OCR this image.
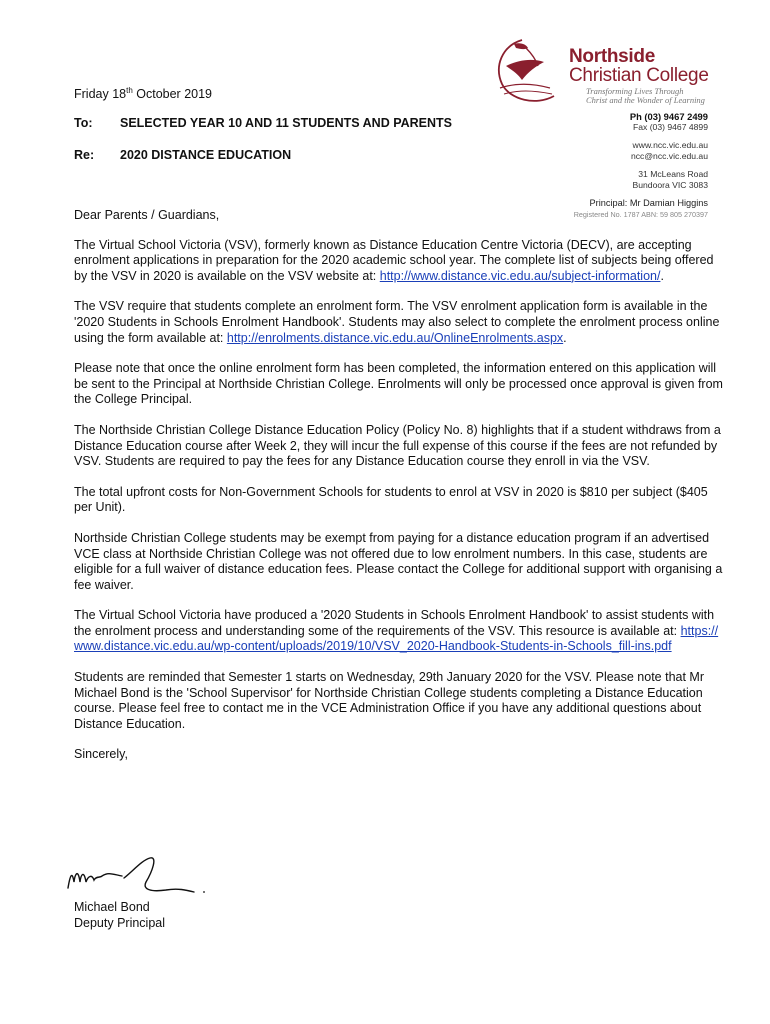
Northside
Christian College
Transforming Lives Through
Christ and the Wonder of Learning
Ph (03) 9467 2499
Fax (03) 9467 4899
www.ncc.vic.edu.au
ncc@ncc.vic.edu.au
31 McLeans Road
Bundoora VIC 3083
Principal: Mr Damian Higgins
Registered No. 1787 ABN: 59 805 270397
Friday 18th October 2019
To: SELECTED YEAR 10 AND 11 STUDENTS AND PARENTS
Re: 2020 DISTANCE EDUCATION

Dear Parents / Guardians,

The Virtual School Victoria (VSV), formerly known as Distance Education Centre Victoria (DECV), are accepting enrolment applications in preparation for the 2020 academic school year. The complete list of subjects being offered by the VSV in 2020 is available on the VSV website at: http://www.distance.vic.edu.au/subject-information/.

The VSV require that students complete an enrolment form. The VSV enrolment application form is available in the '2020 Students in Schools Enrolment Handbook'. Students may also select to complete the enrolment process online using the form available at: http://enrolments.distance.vic.edu.au/OnlineEnrolments.aspx.

Please note that once the online enrolment form has been completed, the information entered on this application will be sent to the Principal at Northside Christian College. Enrolments will only be processed once approval is given from the College Principal.

The Northside Christian College Distance Education Policy (Policy No. 8) highlights that if a student withdraws from a Distance Education course after Week 2, they will incur the full expense of this course if the fees are not refunded by VSV. Students are required to pay the fees for any Distance Education course they enroll in via the VSV.

The total upfront costs for Non-Government Schools for students to enrol at VSV in 2020 is $810 per subject ($405 per Unit).

Northside Christian College students may be exempt from paying for a distance education program if an advertised VCE class at Northside Christian College was not offered due to low enrolment numbers. In this case, students are eligible for a full waiver of distance education fees. Please contact the College for additional support with organising a fee waiver.

The Virtual School Victoria have produced a '2020 Students in Schools Enrolment Handbook' to assist students with the enrolment process and understanding some of the requirements of the VSV. This resource is available at: https://www.distance.vic.edu.au/wp-content/uploads/2019/10/VSV_2020-Handbook-Students-in-Schools_fill-ins.pdf

Students are reminded that Semester 1 starts on Wednesday, 29th January 2020 for the VSV. Please note that Mr Michael Bond is the 'School Supervisor' for Northside Christian College students completing a Distance Education course. Please feel free to contact me in the VCE Administration Office if you have any additional questions about Distance Education.

Sincerely,

Michael Bond
Deputy Principal
